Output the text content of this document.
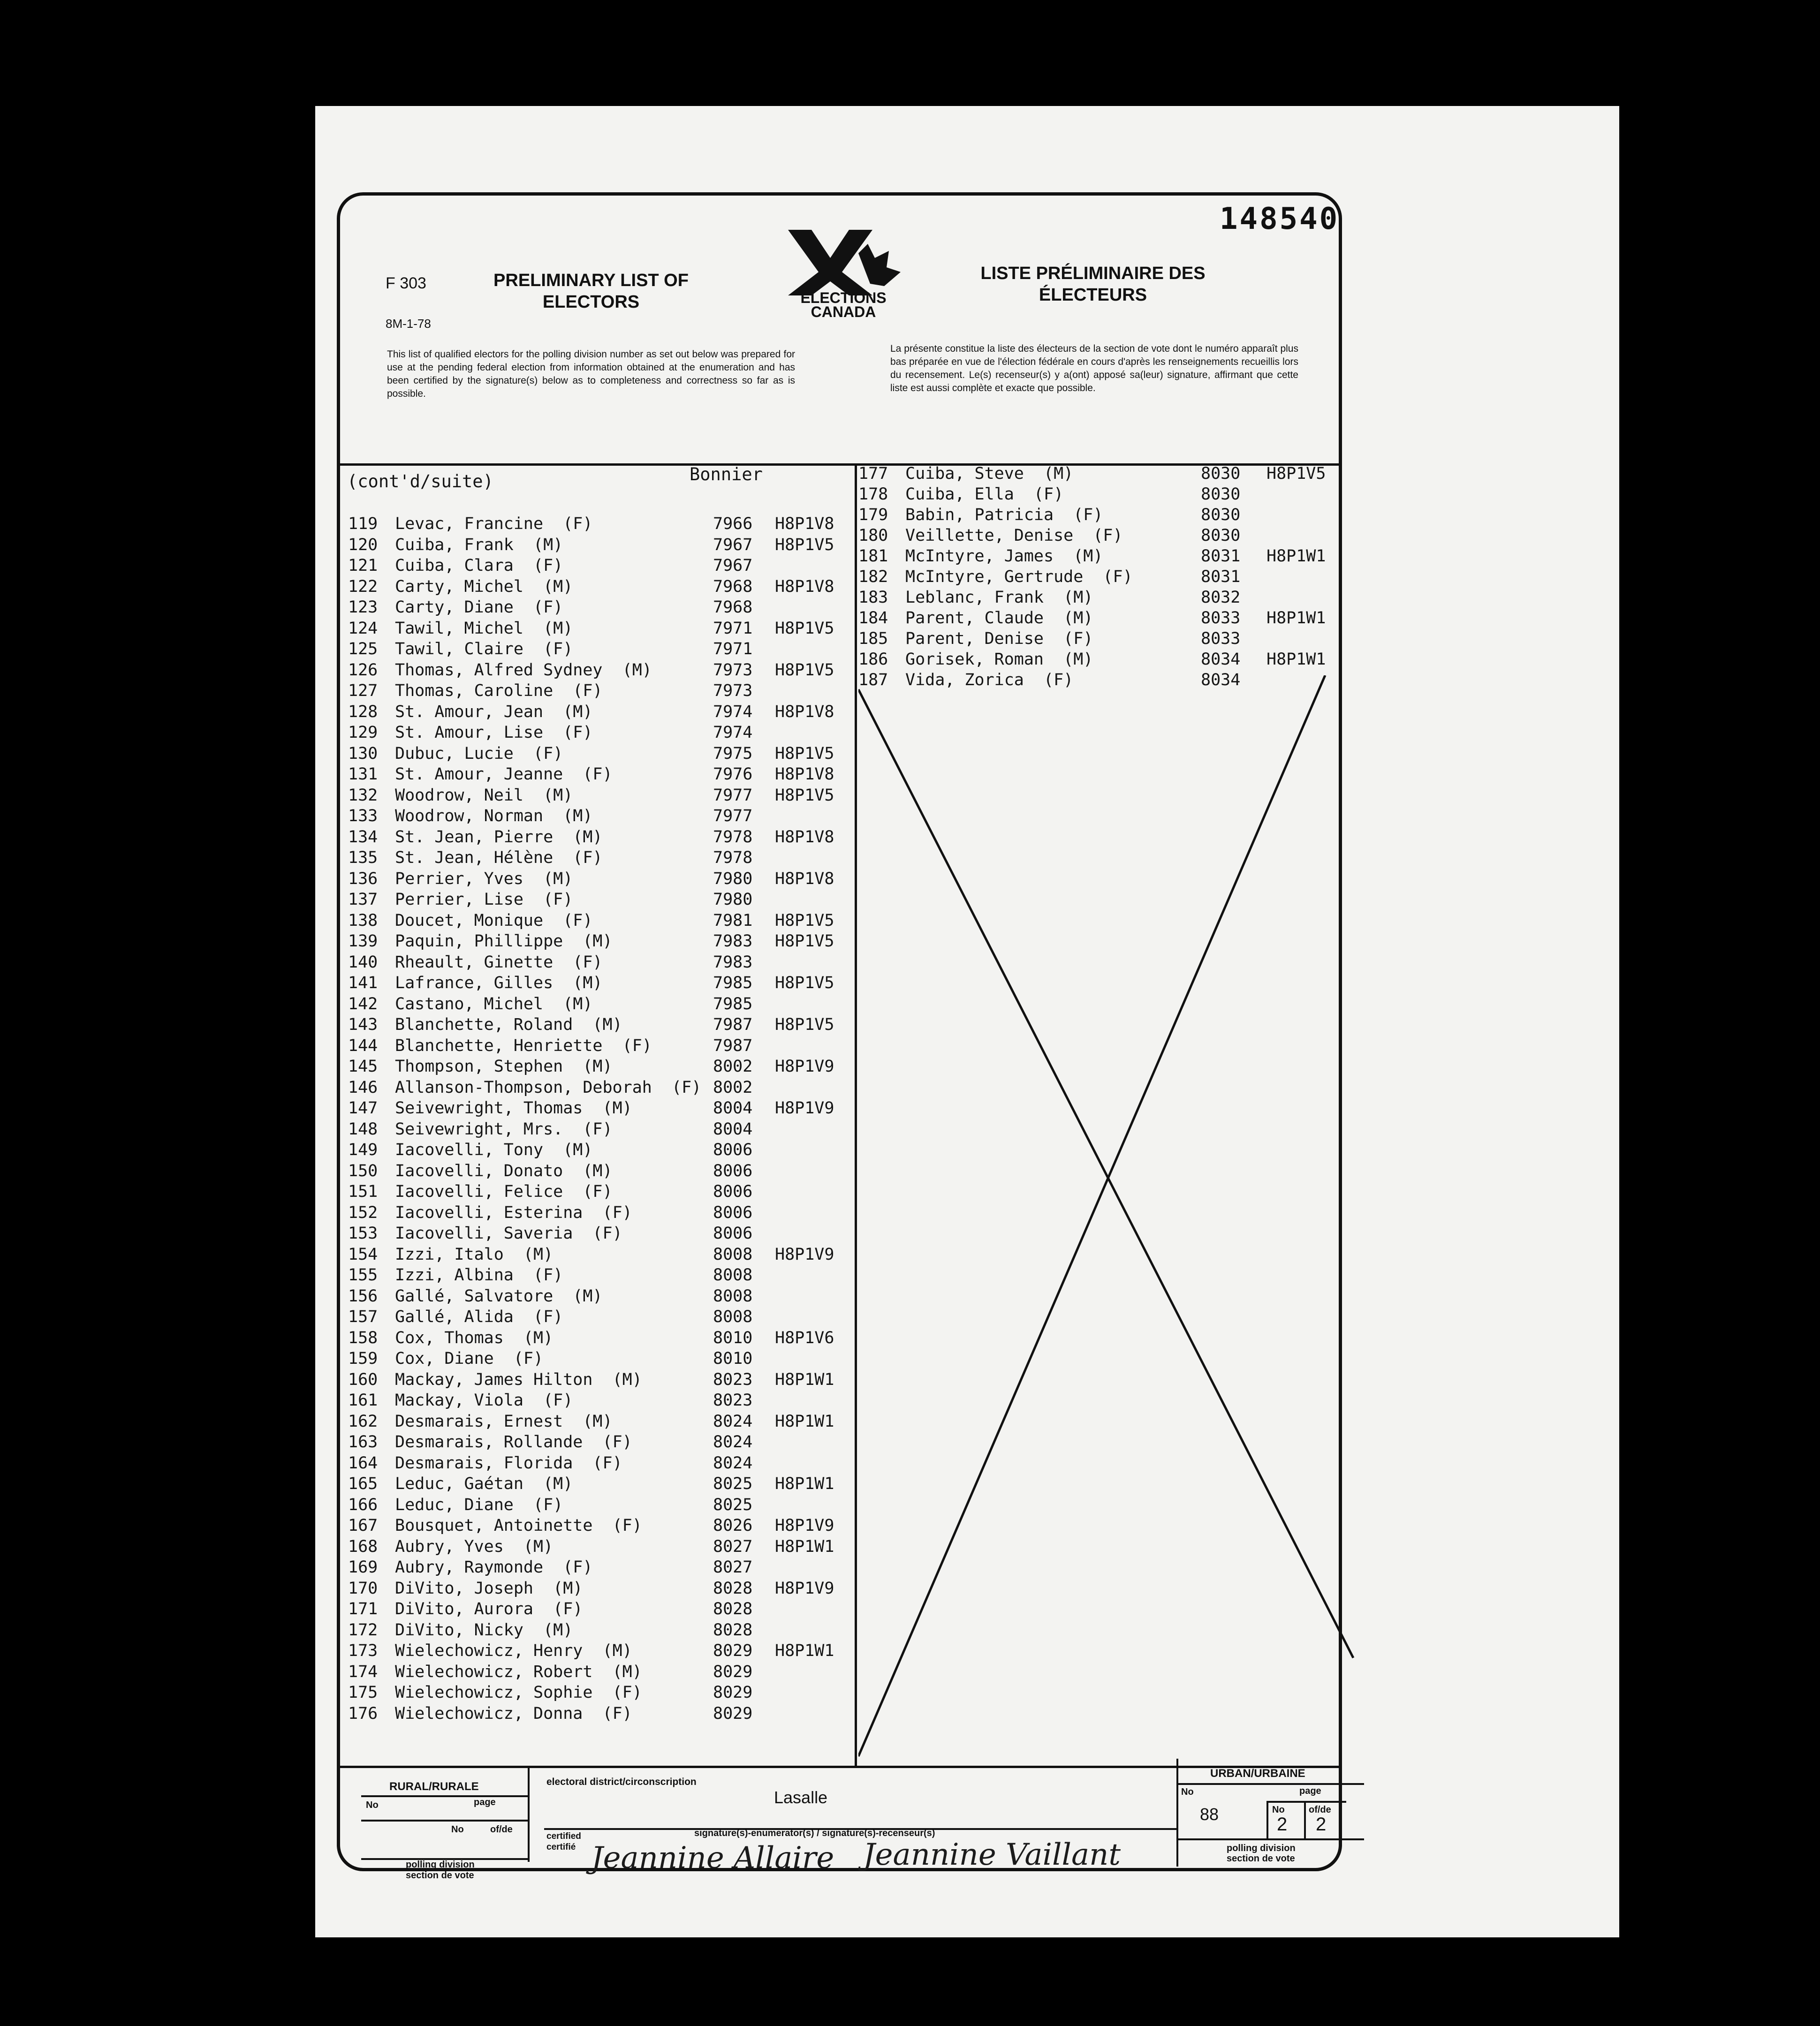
148540
F 303
8M-1-78
PRELIMINARY LIST OF ELECTORS
LISTE PRÉLIMINAIRE DES ÉLECTEURS
ELECTIONS
CANADA
This list of qualified electors for the polling division number as set out below was prepared for use at the pending federal election from information obtained at the enumeration and has been certified by the signature(s) below as to completeness and correctness so far as is possible.
La présente constitue la liste des électeurs de la section de vote dont le numéro apparaît plus bas préparée en vue de l'élection fédérale en cours d'après les renseignements recueillis lors du recensement. Le(s) recenseur(s) y a(ont) apposé sa(leur) signature, affirmant que cette liste est aussi complète et exacte que possible.
(cont'd/suite)	Bonnier
119 Levac, Francine  (F)	7966 H8P1V8
120 Cuiba, Frank  (M)	7967 H8P1V5
121 Cuiba, Clara  (F)	7967
122 Carty, Michel  (M)	7968 H8P1V8
123 Carty, Diane  (F)	7968
124 Tawil, Michel  (M)	7971 H8P1V5
125 Tawil, Claire  (F)	7971
126 Thomas, Alfred Sydney  (M)	7973 H8P1V5
127 Thomas, Caroline  (F)	7973
128 St. Amour, Jean  (M)	7974 H8P1V8
129 St. Amour, Lise  (F)	7974
130 Dubuc, Lucie  (F)	7975 H8P1V5
131 St. Amour, Jeanne  (F)	7976 H8P1V8
132 Woodrow, Neil  (M)	7977 H8P1V5
133 Woodrow, Norman  (M)	7977
134 St. Jean, Pierre  (M)	7978 H8P1V8
135 St. Jean, Hélène  (F)	7978
136 Perrier, Yves  (M)	7980 H8P1V8
137 Perrier, Lise  (F)	7980
138 Doucet, Monique  (F)	7981 H8P1V5
139 Paquin, Phillippe  (M)	7983 H8P1V5
140 Rheault, Ginette  (F)	7983
141 Lafrance, Gilles  (M)	7985 H8P1V5
142 Castano, Michel  (M)	7985
143 Blanchette, Roland  (M)	7987 H8P1V5
144 Blanchette, Henriette  (F)	7987
145 Thompson, Stephen  (M)	8002 H8P1V9
146 Allanson-Thompson, Deborah  (F) 8002
147 Seivewright, Thomas  (M)	8004 H8P1V9
148 Seivewright, Mrs.  (F)	8004
149 Iacovelli, Tony  (M)	8006
150 Iacovelli, Donato  (M)	8006
151 Iacovelli, Felice  (F)	8006
152 Iacovelli, Esterina  (F)	8006
153 Iacovelli, Saveria  (F)	8006
154 Izzi, Italo  (M)	8008 H8P1V9
155 Izzi, Albina  (F)	8008
156 Gallé, Salvatore  (M)	8008
157 Gallé, Alida  (F)	8008
158 Cox, Thomas  (M)	8010 H8P1V6
159 Cox, Diane  (F)	8010
160 Mackay, James Hilton  (M)	8023 H8P1W1
161 Mackay, Viola  (F)	8023
162 Desmarais, Ernest  (M)	8024 H8P1W1
163 Desmarais, Rollande  (F)	8024
164 Desmarais, Florida  (F)	8024
165 Leduc, Gaétan  (M)	8025 H8P1W1
166 Leduc, Diane  (F)	8025
167 Bousquet, Antoinette  (F)	8026 H8P1V9
168 Aubry, Yves  (M)	8027 H8P1W1
169 Aubry, Raymonde  (F)	8027
170 DiVito, Joseph  (M)	8028 H8P1V9
171 DiVito, Aurora  (F)	8028
172 DiVito, Nicky  (M)	8028
173 Wielechowicz, Henry  (M)	8029 H8P1W1
174 Wielechowicz, Robert  (M)	8029
175 Wielechowicz, Sophie  (F)	8029
176 Wielechowicz, Donna  (F)	8029
177 Cuiba, Steve  (M)	8030 H8P1V5
178 Cuiba, Ella  (F)	8030
179 Babin, Patricia  (F)	8030
180 Veillette, Denise  (F)	8030
181 McIntyre, James  (M)	8031 H8P1W1
182 McIntyre, Gertrude  (F)	8031
183 Leblanc, Frank  (M)	8032
184 Parent, Claude  (M)	8033 H8P1W1
185 Parent, Denise  (F)	8033
186 Gorisek, Roman  (M)	8034 H8P1W1
187 Vida, Zorica  (F)	8034
RURAL/RURALE
No	page
No	of/de
polling division
section de vote
electoral district/circonscription
Lasalle
certified
certifié
signature(s)-enumerator(s) / signature(s)-recenseur(s)
Jeannine Allaire Jeannine Vaillant
URBAN/URBAINE
No	page
88	No	of/de
2 2
polling division
section de vote
